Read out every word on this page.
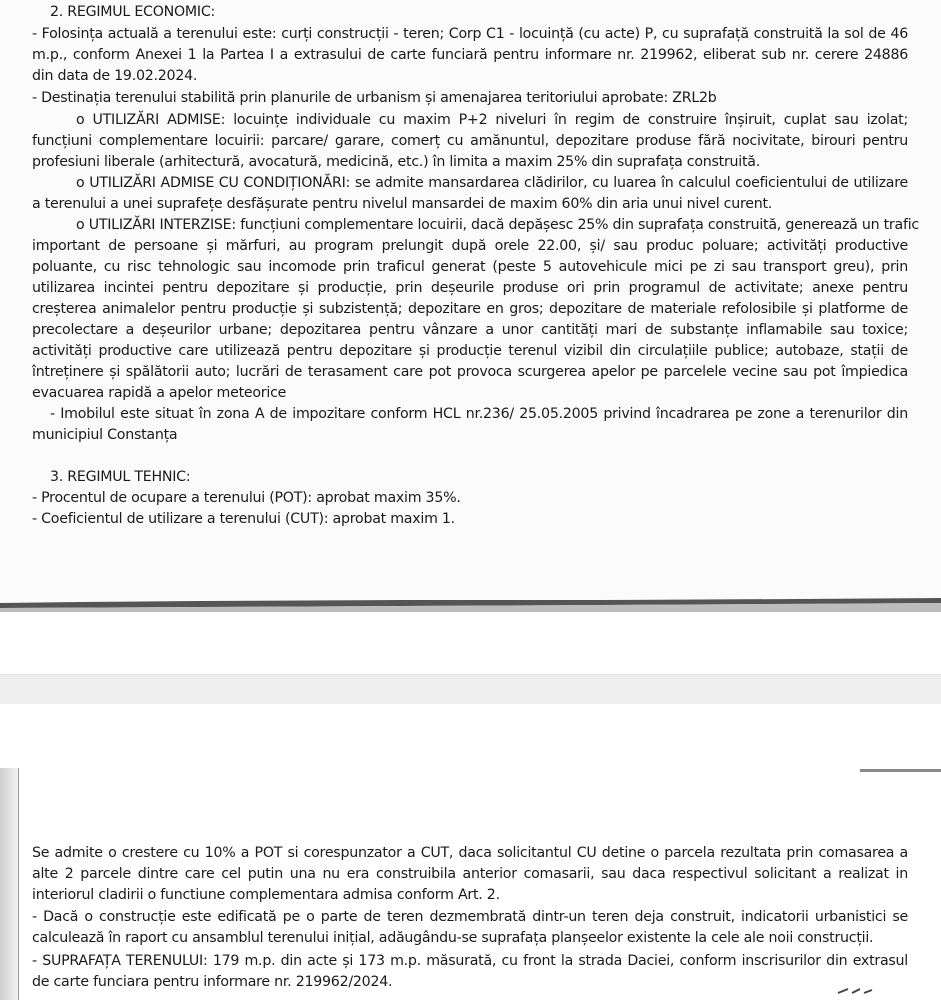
2. REGIMUL ECONOMIC:
- Folosința actuală a terenului este: curți construcții - teren; Corp C1 - locuință (cu acte) P, cu suprafață construită la sol de 46
m.p., conform Anexei 1 la Partea I a extrasului de carte funciară pentru informare nr. 219962, eliberat sub nr. cerere 24886
din data de 19.02.2024.
- Destinația terenului stabilită prin planurile de urbanism și amenajarea teritoriului aprobate: ZRL2b
o UTILIZĂRI ADMISE: locuințe individuale cu maxim P+2 niveluri în regim de construire înșiruit, cuplat sau izolat;
funcțiuni complementare locuirii: parcare/ garare, comerț cu amănuntul, depozitare produse fără nocivitate, birouri pentru
profesiuni liberale (arhitectură, avocatură, medicină, etc.) în limita a maxim 25% din suprafața construită.
o UTILIZĂRI ADMISE CU CONDIȚIONĂRI: se admite mansardarea clădirilor, cu luarea în calculul coeficientului de utilizare
a terenului a unei suprafețe desfășurate pentru nivelul mansardei de maxim 60% din aria unui nivel curent.
o UTILIZĂRI INTERZISE: funcțiuni complementare locuirii, dacă depășesc 25% din suprafața construită, generează un trafic
important de persoane și mărfuri, au program prelungit după orele 22.00, și/ sau produc poluare; activități productive
poluante, cu risc tehnologic sau incomode prin traficul generat (peste 5 autovehicule mici pe zi sau transport greu), prin
utilizarea incintei pentru depozitare și producție, prin deșeurile produse ori prin programul de activitate; anexe pentru
creșterea animalelor pentru producție și subzistență; depozitare en gros; depozitare de materiale refolosibile și platforme de
precolectare a deșeurilor urbane; depozitarea pentru vânzare a unor cantități mari de substanțe inflamabile sau toxice;
activități productive care utilizează pentru depozitare și producție terenul vizibil din circulațiile publice; autobaze, stații de
întreținere și spălătorii auto; lucrări de terasament care pot provoca scurgerea apelor pe parcelele vecine sau pot împiedica
evacuarea rapidă a apelor meteorice
- Imobilul este situat în zona A de impozitare conform HCL nr.236/ 25.05.2005 privind încadrarea pe zone a terenurilor din
municipiul Constanța
3. REGIMUL TEHNIC:
- Procentul de ocupare a terenului (POT): aprobat maxim 35%.
- Coeficientul de utilizare a terenului (CUT): aprobat maxim 1.
Se admite o crestere cu 10% a POT si corespunzator a CUT, daca solicitantul CU detine o parcela rezultata prin comasarea a
alte 2 parcele dintre care cel putin una nu era construibila anterior comasarii, sau daca respectivul solicitant a realizat in
interiorul cladirii o functiune complementara admisa conform Art. 2.
- Dacă o construcție este edificată pe o parte de teren dezmembrată dintr-un teren deja construit, indicatorii urbanistici se
calculează în raport cu ansamblul terenului inițial, adăugându-se suprafața planșeelor existente la cele ale noii construcții.
- SUPRAFAȚA TERENULUI: 179 m.p. din acte și 173 m.p. măsurată, cu front la strada Daciei, conform inscrisurilor din extrasul
de carte funciara pentru informare nr. 219962/2024.
